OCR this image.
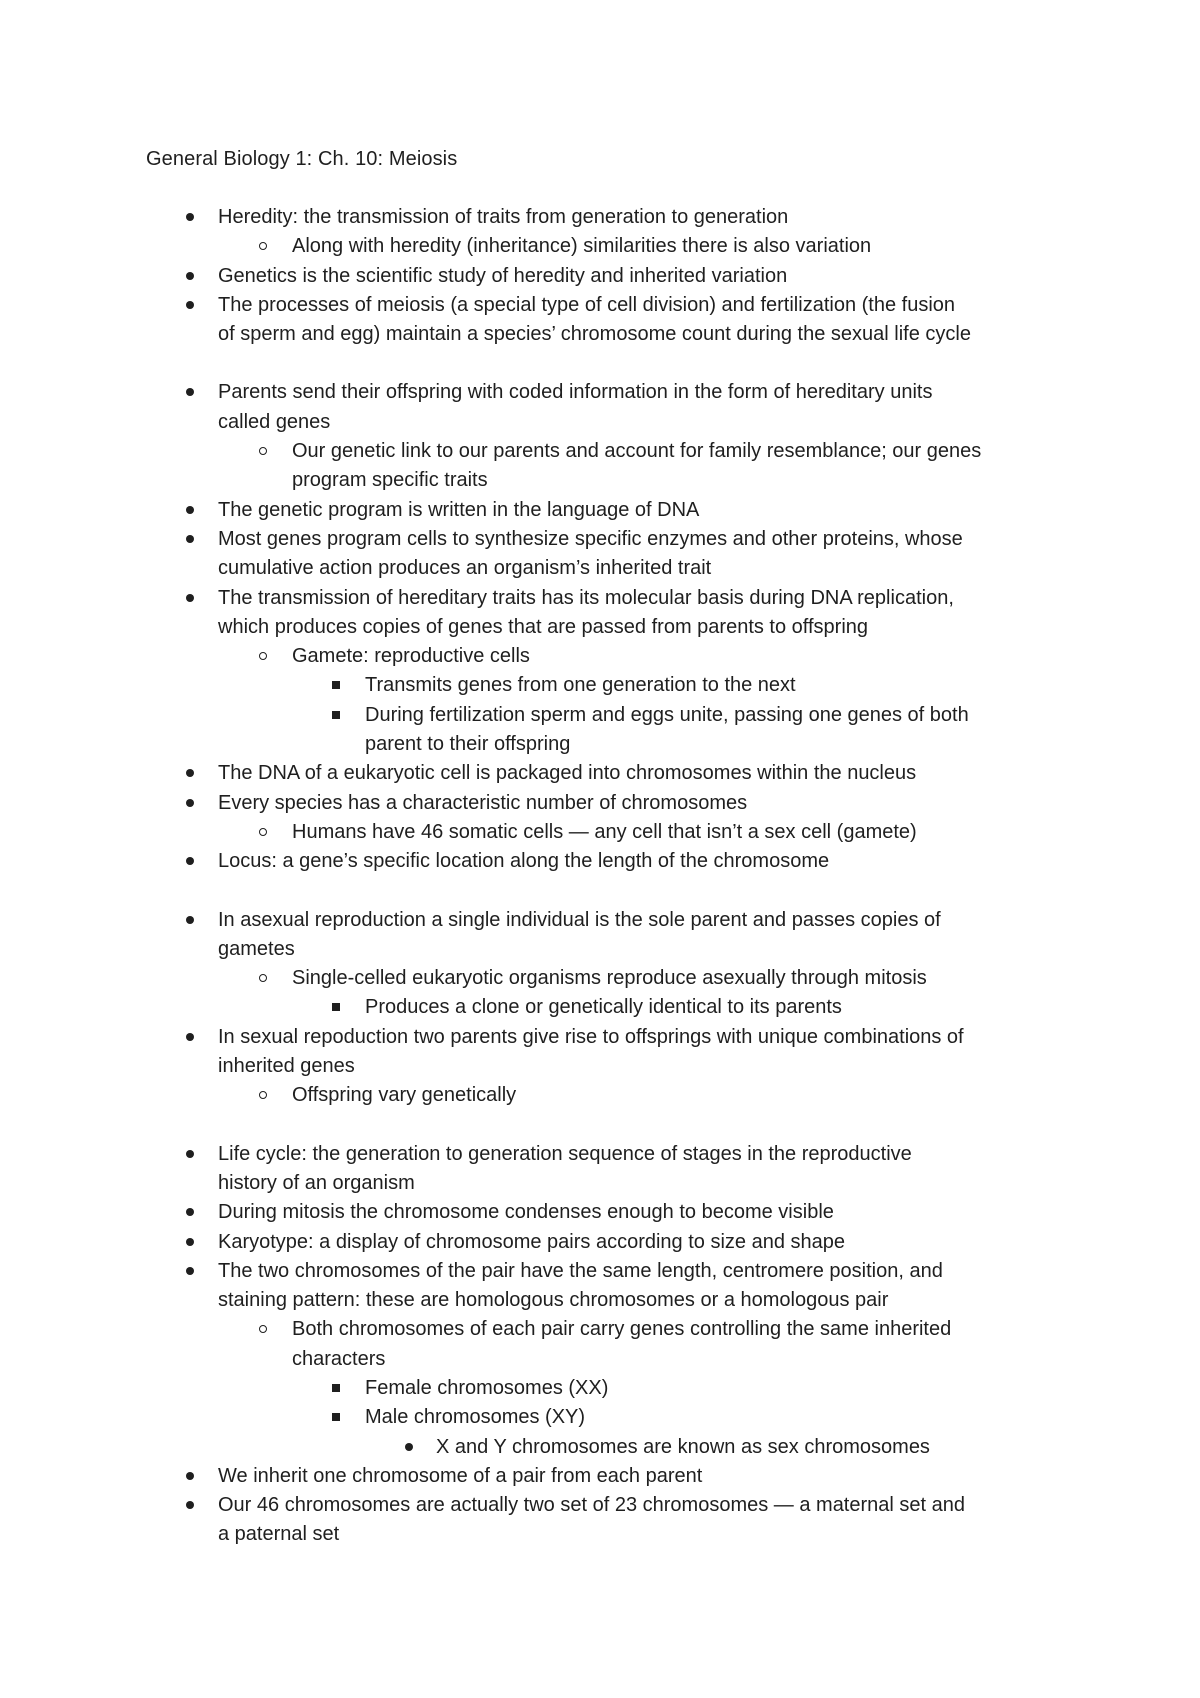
General Biology 1: Ch. 10: Meiosis
Heredity: the transmission of traits from generation to generation
Along with heredity (inheritance) similarities there is also variation
Genetics is the scientific study of heredity and inherited variation
The processes of meiosis (a special type of cell division) and fertilization (the fusion
of sperm and egg) maintain a species’ chromosome count during the sexual life cycle
Parents send their offspring with coded information in the form of hereditary units
called genes
Our genetic link to our parents and account for family resemblance; our genes
program specific traits
The genetic program is written in the language of DNA
Most genes program cells to synthesize specific enzymes and other proteins, whose
cumulative action produces an organism’s inherited trait
The transmission of hereditary traits has its molecular basis during DNA replication,
which produces copies of genes that are passed from parents to offspring
Gamete: reproductive cells
Transmits genes from one generation to the next
During fertilization sperm and eggs unite, passing one genes of both
parent to their offspring
The DNA of a eukaryotic cell is packaged into chromosomes within the nucleus
Every species has a characteristic number of chromosomes
Humans have 46 somatic cells — any cell that isn’t a sex cell (gamete)
Locus: a gene’s specific location along the length of the chromosome
In asexual reproduction a single individual is the sole parent and passes copies of
gametes
Single-celled eukaryotic organisms reproduce asexually through mitosis
Produces a clone or genetically identical to its parents
In sexual repoduction two parents give rise to offsprings with unique combinations of
inherited genes
Offspring vary genetically
Life cycle: the generation to generation sequence of stages in the reproductive
history of an organism
During mitosis the chromosome condenses enough to become visible
Karyotype: a display of chromosome pairs according to size and shape
The two chromosomes of the pair have the same length, centromere position, and
staining pattern: these are homologous chromosomes or a homologous pair
Both chromosomes of each pair carry genes controlling the same inherited
characters
Female chromosomes (XX)
Male chromosomes (XY)
X and Y chromosomes are known as sex chromosomes
We inherit one chromosome of a pair from each parent
Our 46 chromosomes are actually two set of 23 chromosomes — a maternal set and
a paternal set
